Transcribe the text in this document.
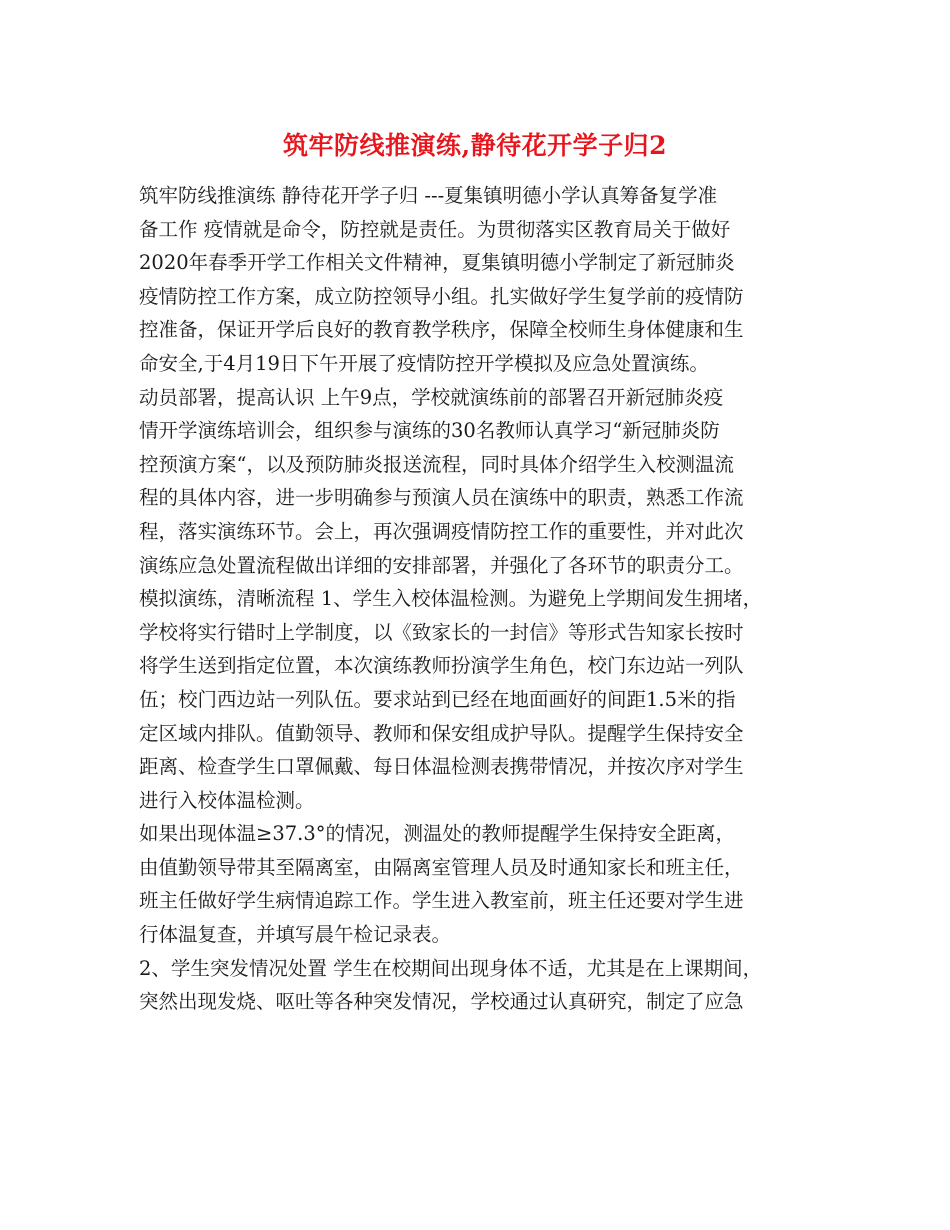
筑牢防线推演练,静待花开学子归2
筑牢防线推演练 静待花开学子归 ---夏集镇明德小学认真筹备复学准
备工作 疫情就是命令，防控就是责任。为贯彻落实区教育局关于做好
2020年春季开学工作相关文件精神，夏集镇明德小学制定了新冠肺炎
疫情防控工作方案，成立防控领导小组。扎实做好学生复学前的疫情防
控准备，保证开学后良好的教育教学秩序，保障全校师生身体健康和生
命安全,于4月19日下午开展了疫情防控开学模拟及应急处置演练。
动员部署，提高认识 上午9点，学校就演练前的部署召开新冠肺炎疫
情开学演练培训会，组织参与演练的30名教师认真学习“新冠肺炎防
控预演方案“，以及预防肺炎报送流程，同时具体介绍学生入校测温流
程的具体内容，进一步明确参与预演人员在演练中的职责，熟悉工作流
程，落实演练环节。会上，再次强调疫情防控工作的重要性，并对此次
演练应急处置流程做出详细的安排部署，并强化了各环节的职责分工。
模拟演练，清晰流程 1、学生入校体温检测。为避免上学期间发生拥堵，
学校将实行错时上学制度，以《致家长的一封信》等形式告知家长按时
将学生送到指定位置，本次演练教师扮演学生角色，校门东边站一列队
伍；校门西边站一列队伍。要求站到已经在地面画好的间距1.5米的指
定区域内排队。值勤领导、教师和保安组成护导队。提醒学生保持安全
距离、检查学生口罩佩戴、每日体温检测表携带情况，并按次序对学生
进行入校体温检测。
如果出现体温≥37.3°的情况，测温处的教师提醒学生保持安全距离，
由值勤领导带其至隔离室，由隔离室管理人员及时通知家长和班主任，
班主任做好学生病情追踪工作。学生进入教室前，班主任还要对学生进
行体温复查，并填写晨午检记录表。
2、学生突发情况处置 学生在校期间出现身体不适，尤其是在上课期间，
突然出现发烧、呕吐等各种突发情况，学校通过认真研究，制定了应急
